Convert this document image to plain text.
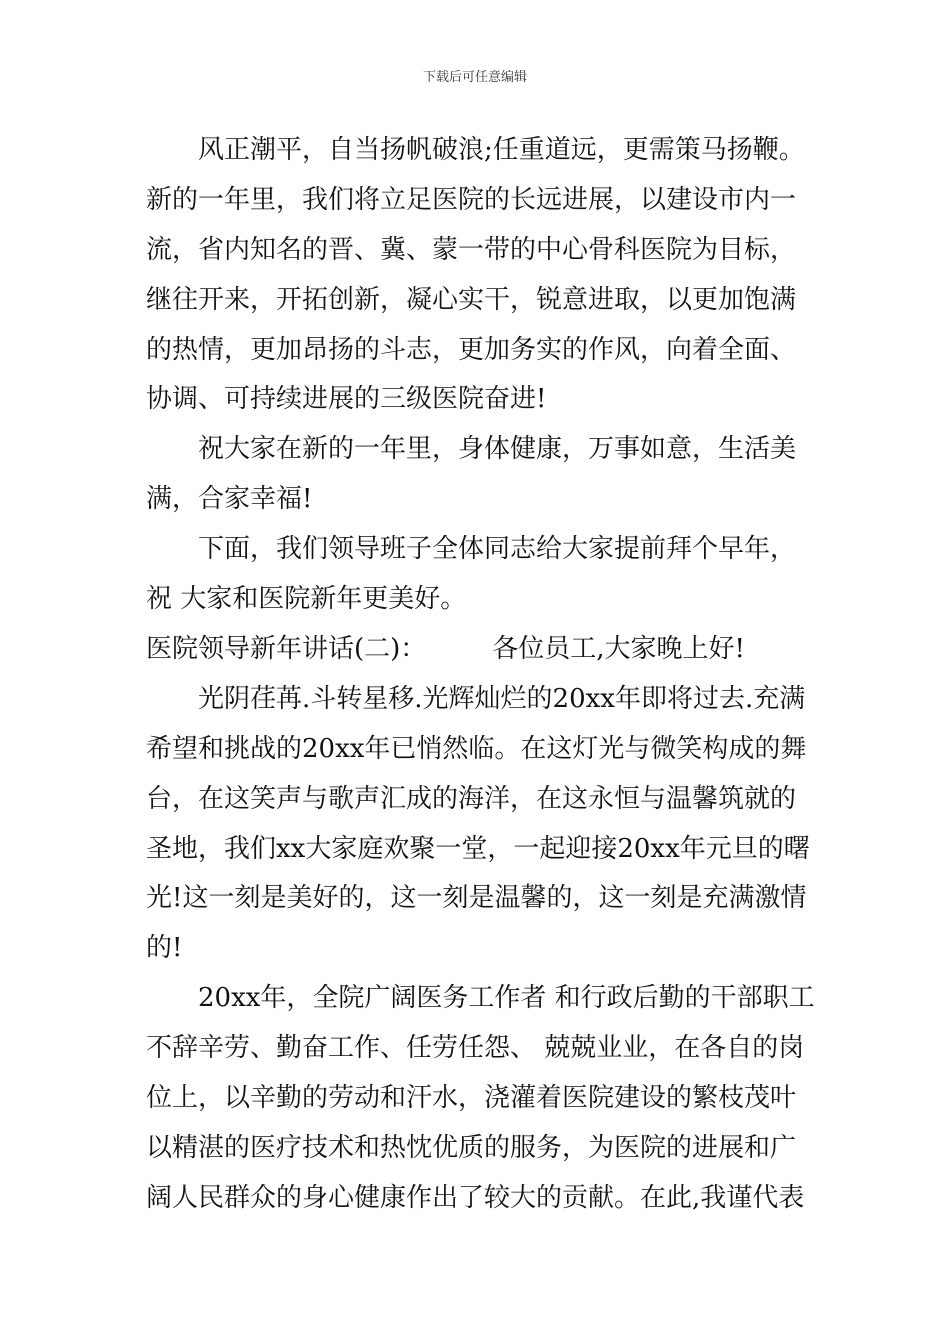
下载后可任意编辑
风正潮平，自当扬帆破浪;任重道远，更需策马扬鞭。
新的一年里，我们将立足医院的长远进展，以建设市内一
流，省内知名的晋、冀、蒙一带的中心骨科医院为目标，
继往开来，开拓创新，凝心实干，锐意进取，以更加饱满
的热情，更加昂扬的斗志，更加务实的作风，向着全面、
协调、可持续进展的三级医院奋进!
祝大家在新的一年里，身体健康，万事如意，生活美
满，合家幸福!
下面，我们领导班子全体同志给大家提前拜个早年，
祝 大家和医院新年更美好。
医院领导新年讲话(二)：	各位员工,大家晚上好!
光阴荏苒.斗转星移.光辉灿烂的20xx年即将过去.充满
希望和挑战的20xx年已悄然临。在这灯光与微笑构成的舞
台，在这笑声与歌声汇成的海洋，在这永恒与温馨筑就的
圣地，我们xx大家庭欢聚一堂，一起迎接20xx年元旦的曙
光!这一刻是美好的，这一刻是温馨的，这一刻是充满激情
的!
20xx年，全院广阔医务工作者 和行政后勤的干部职工
不辞辛劳、勤奋工作、任劳任怨、 兢兢业业，在各自的岗
位上，以辛勤的劳动和汗水，浇灌着医院建设的繁枝茂叶
以精湛的医疗技术和热忱优质的服务，为医院的进展和广
阔人民群众的身心健康作出了较大的贡献。在此,我谨代表
